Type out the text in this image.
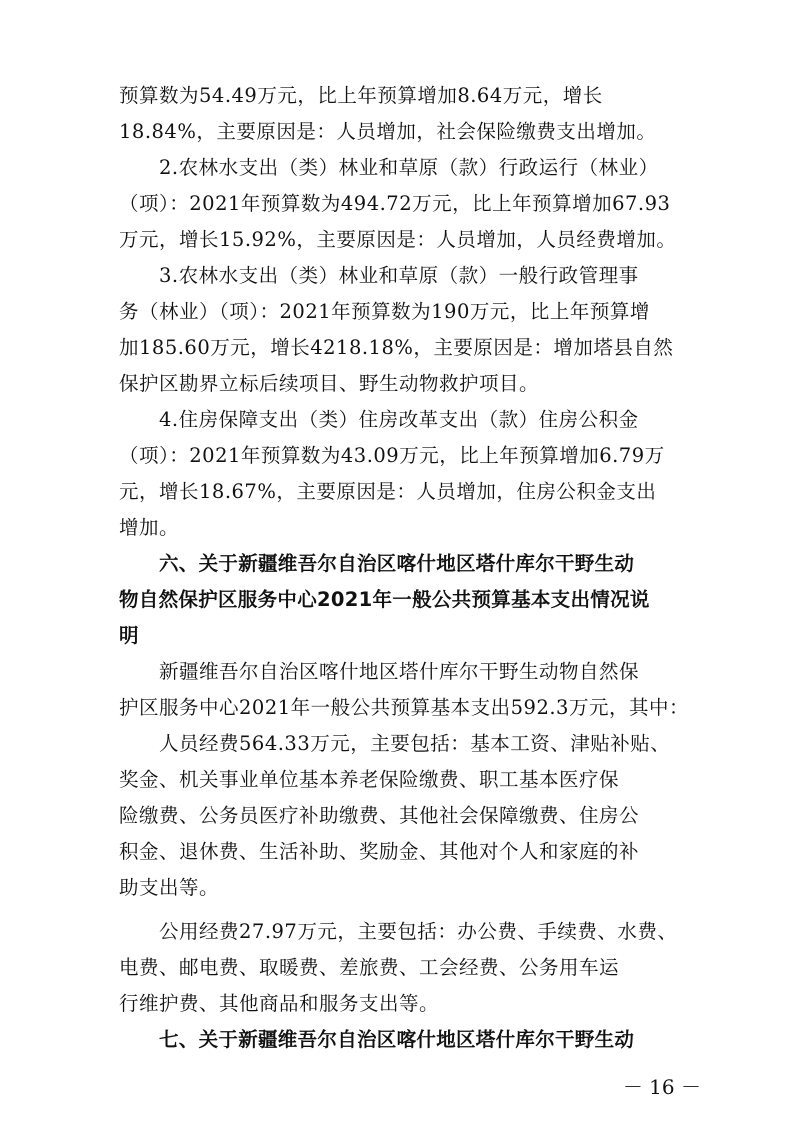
预算数为54.49万元，比上年预算增加8.64万元，增长
18.84%，主要原因是：人员增加，社会保险缴费支出增加。
2.农林水支出（类）林业和草原（款）行政运行（林业）
（项）：2021年预算数为494.72万元，比上年预算增加67.93
万元，增长15.92%，主要原因是：人员增加，人员经费增加。
3.农林水支出（类）林业和草原（款）一般行政管理事
务（林业）（项）：2021年预算数为190万元，比上年预算增
加185.60万元，增长4218.18%，主要原因是：增加塔县自然
保护区勘界立标后续项目、野生动物救护项目。
4.住房保障支出（类）住房改革支出（款）住房公积金
（项）：2021年预算数为43.09万元，比上年预算增加6.79万
元，增长18.67%，主要原因是：人员增加，住房公积金支出
增加。
六、关于新疆维吾尔自治区喀什地区塔什库尔干野生动
物自然保护区服务中心2021年一般公共预算基本支出情况说
明
新疆维吾尔自治区喀什地区塔什库尔干野生动物自然保
护区服务中心2021年一般公共预算基本支出592.3万元，其中：
人员经费564.33万元，主要包括：基本工资、津贴补贴、
奖金、机关事业单位基本养老保险缴费、职工基本医疗保
险缴费、公务员医疗补助缴费、其他社会保障缴费、住房公
积金、退休费、生活补助、奖励金、其他对个人和家庭的补
助支出等。
公用经费27.97万元，主要包括：办公费、手续费、水费、
电费、邮电费、取暖费、差旅费、工会经费、公务用车运
行维护费、其他商品和服务支出等。
七、关于新疆维吾尔自治区喀什地区塔什库尔干野生动
－ 16 －
